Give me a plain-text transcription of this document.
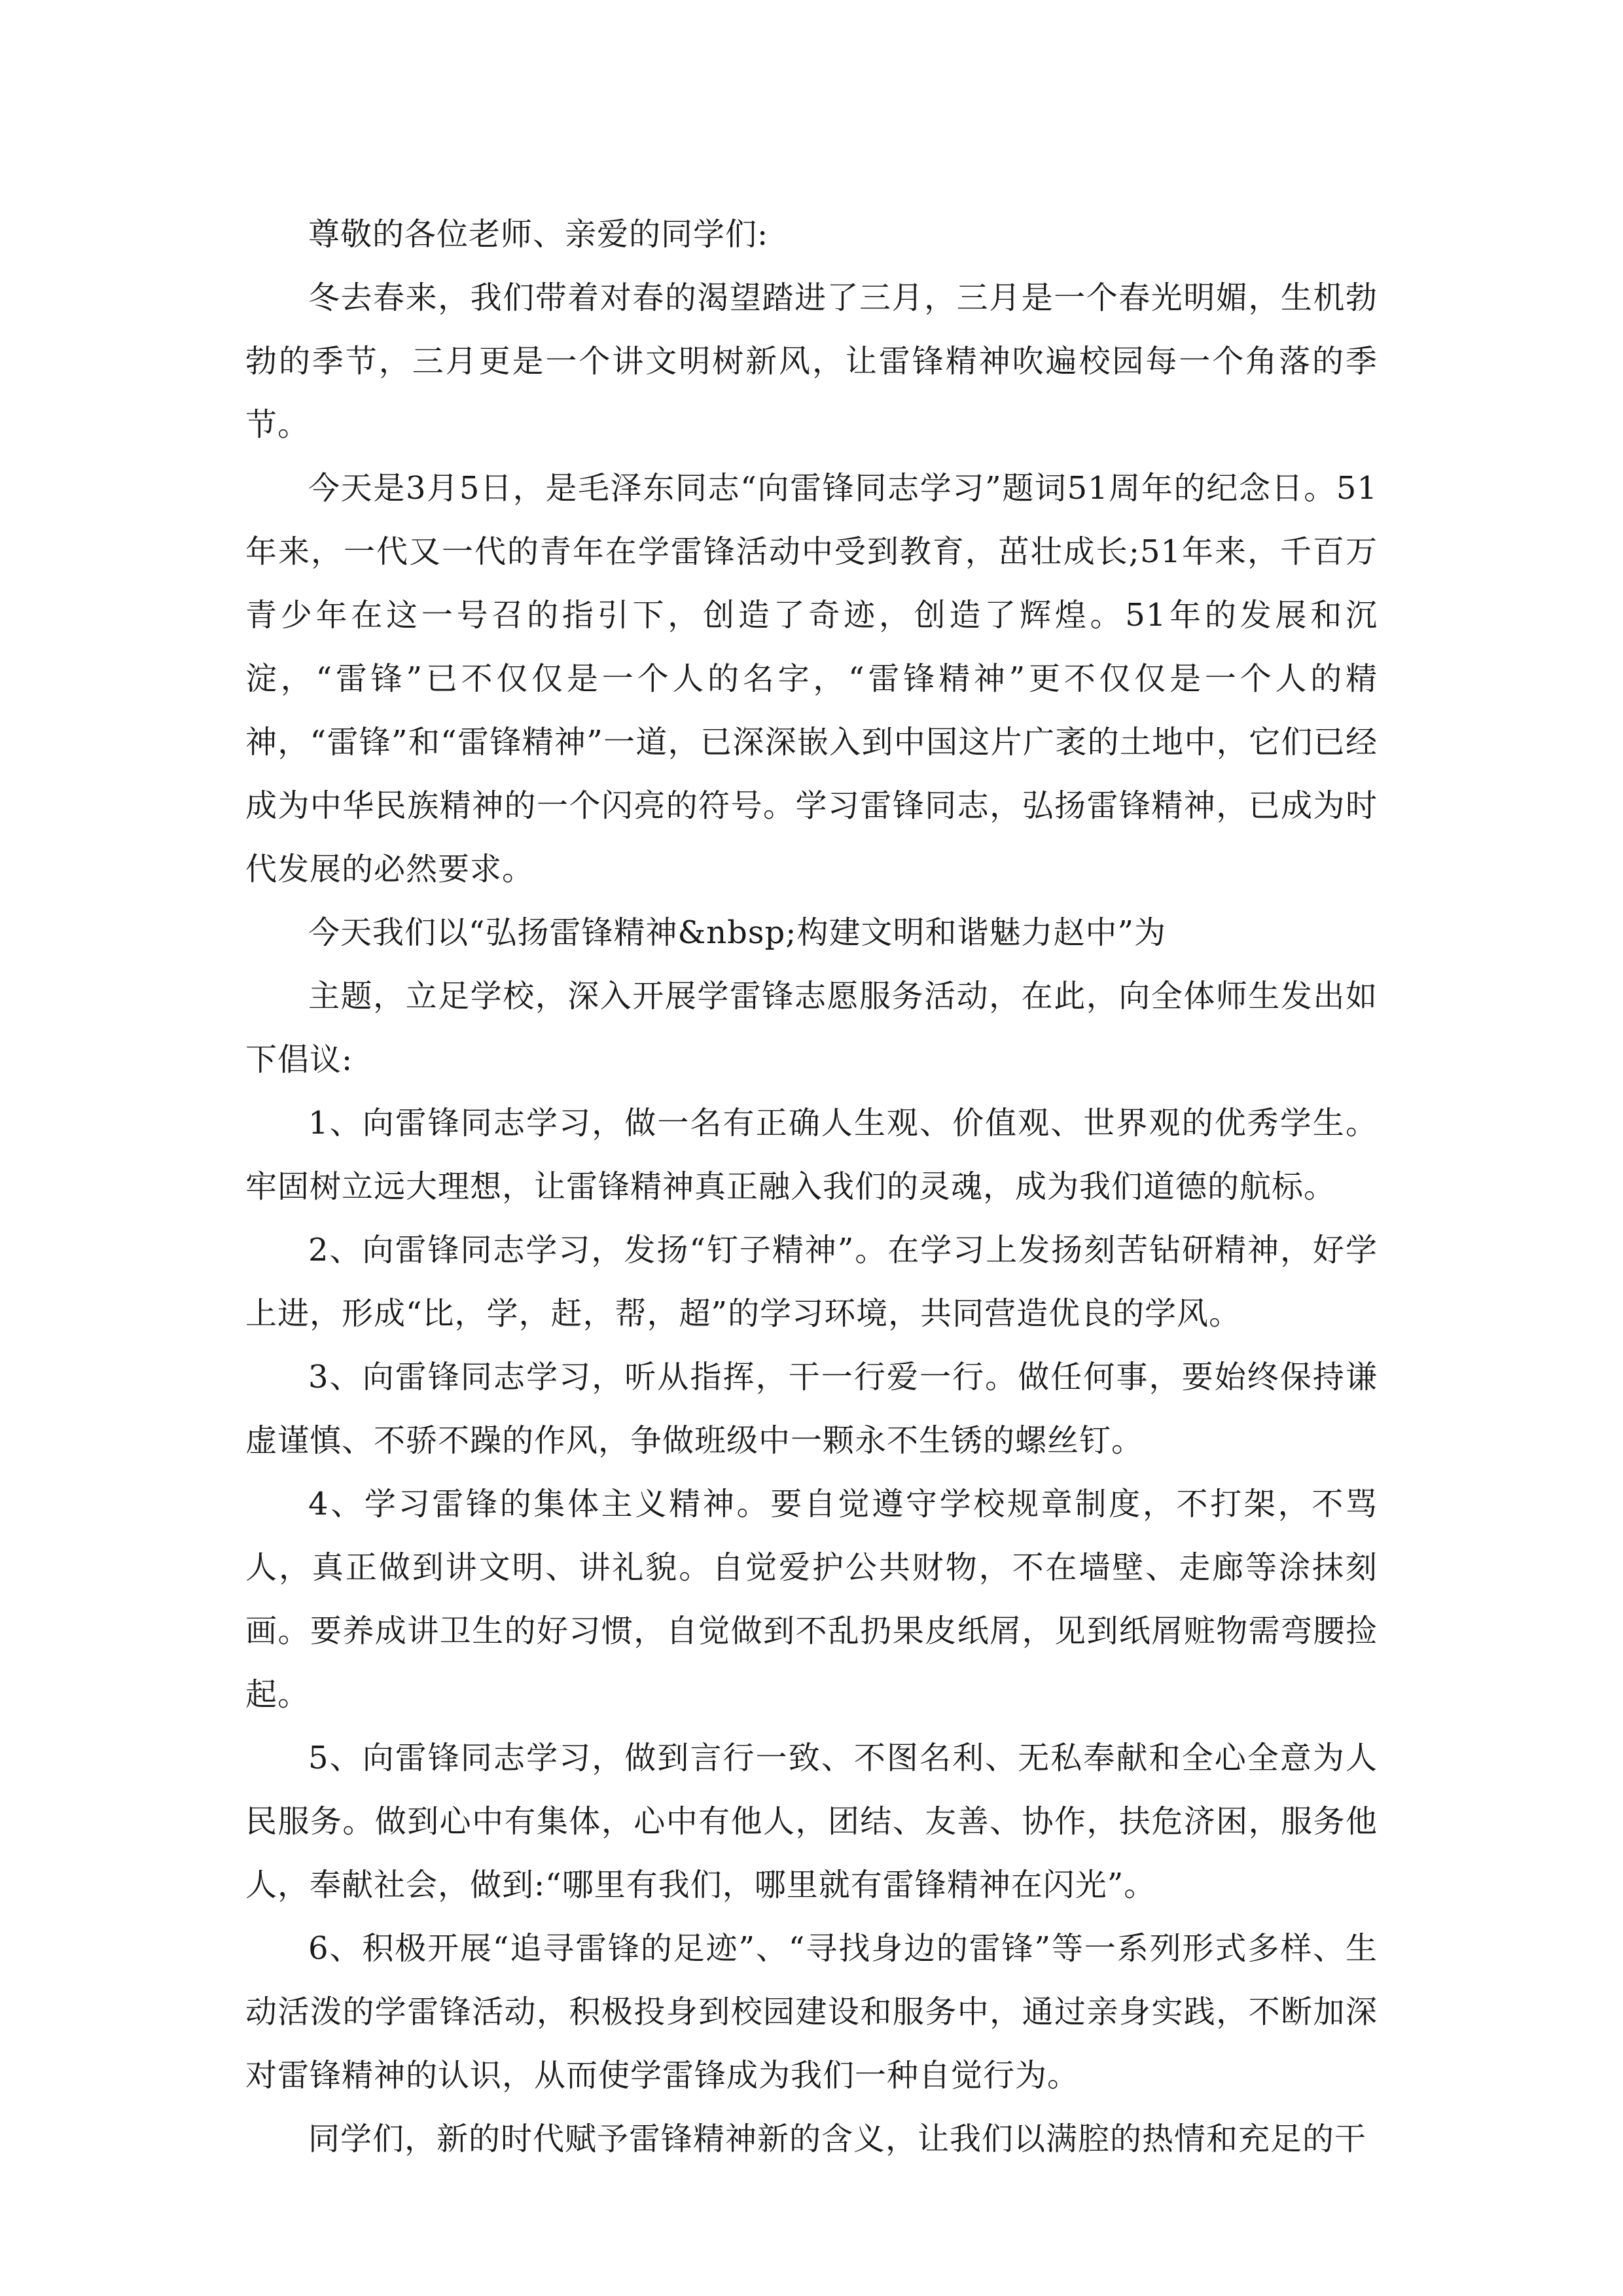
尊敬的各位老师、亲爱的同学们:

冬去春来，我们带着对春的渴望踏进了三月，三月是一个春光明媚，生机勃勃的季节，三月更是一个讲文明树新风，让雷锋精神吹遍校园每一个角落的季节。

今天是3月5日，是毛泽东同志“向雷锋同志学习”题词51周年的纪念日。51年来，一代又一代的青年在学雷锋活动中受到教育，茁壮成长;51年来，千百万青少年在这一号召的指引下，创造了奇迹，创造了辉煌。51年的发展和沉淀，“雷锋”已不仅仅是一个人的名字，“雷锋精神”更不仅仅是一个人的精神，“雷锋”和“雷锋精神”一道，已深深嵌入到中国这片广袤的土地中，它们已经成为中华民族精神的一个闪亮的符号。学习雷锋同志，弘扬雷锋精神，已成为时代发展的必然要求。

今天我们以“弘扬雷锋精神&nbsp;构建文明和谐魅力赵中”为

主题，立足学校，深入开展学雷锋志愿服务活动，在此，向全体师生发出如下倡议:

1、向雷锋同志学习，做一名有正确人生观、价值观、世界观的优秀学生。牢固树立远大理想，让雷锋精神真正融入我们的灵魂，成为我们道德的航标。

2、向雷锋同志学习，发扬“钉子精神”。在学习上发扬刻苦钻研精神，好学上进，形成“比，学，赶，帮，超”的学习环境，共同营造优良的学风。

3、向雷锋同志学习，听从指挥，干一行爱一行。做任何事，要始终保持谦虚谨慎、不骄不躁的作风，争做班级中一颗永不生锈的螺丝钉。

4、学习雷锋的集体主义精神。要自觉遵守学校规章制度，不打架，不骂人，真正做到讲文明、讲礼貌。自觉爱护公共财物，不在墙壁、走廊等涂抹刻画。要养成讲卫生的好习惯，自觉做到不乱扔果皮纸屑，见到纸屑赃物需弯腰捡起。

5、向雷锋同志学习，做到言行一致、不图名利、无私奉献和全心全意为人民服务。做到心中有集体，心中有他人，团结、友善、协作，扶危济困，服务他人，奉献社会，做到:“哪里有我们，哪里就有雷锋精神在闪光”。

6、积极开展“追寻雷锋的足迹”、“寻找身边的雷锋”等一系列形式多样、生动活泼的学雷锋活动，积极投身到校园建设和服务中，通过亲身实践，不断加深对雷锋精神的认识，从而使学雷锋成为我们一种自觉行为。

同学们，新的时代赋予雷锋精神新的含义，让我们以满腔的热情和充足的干
